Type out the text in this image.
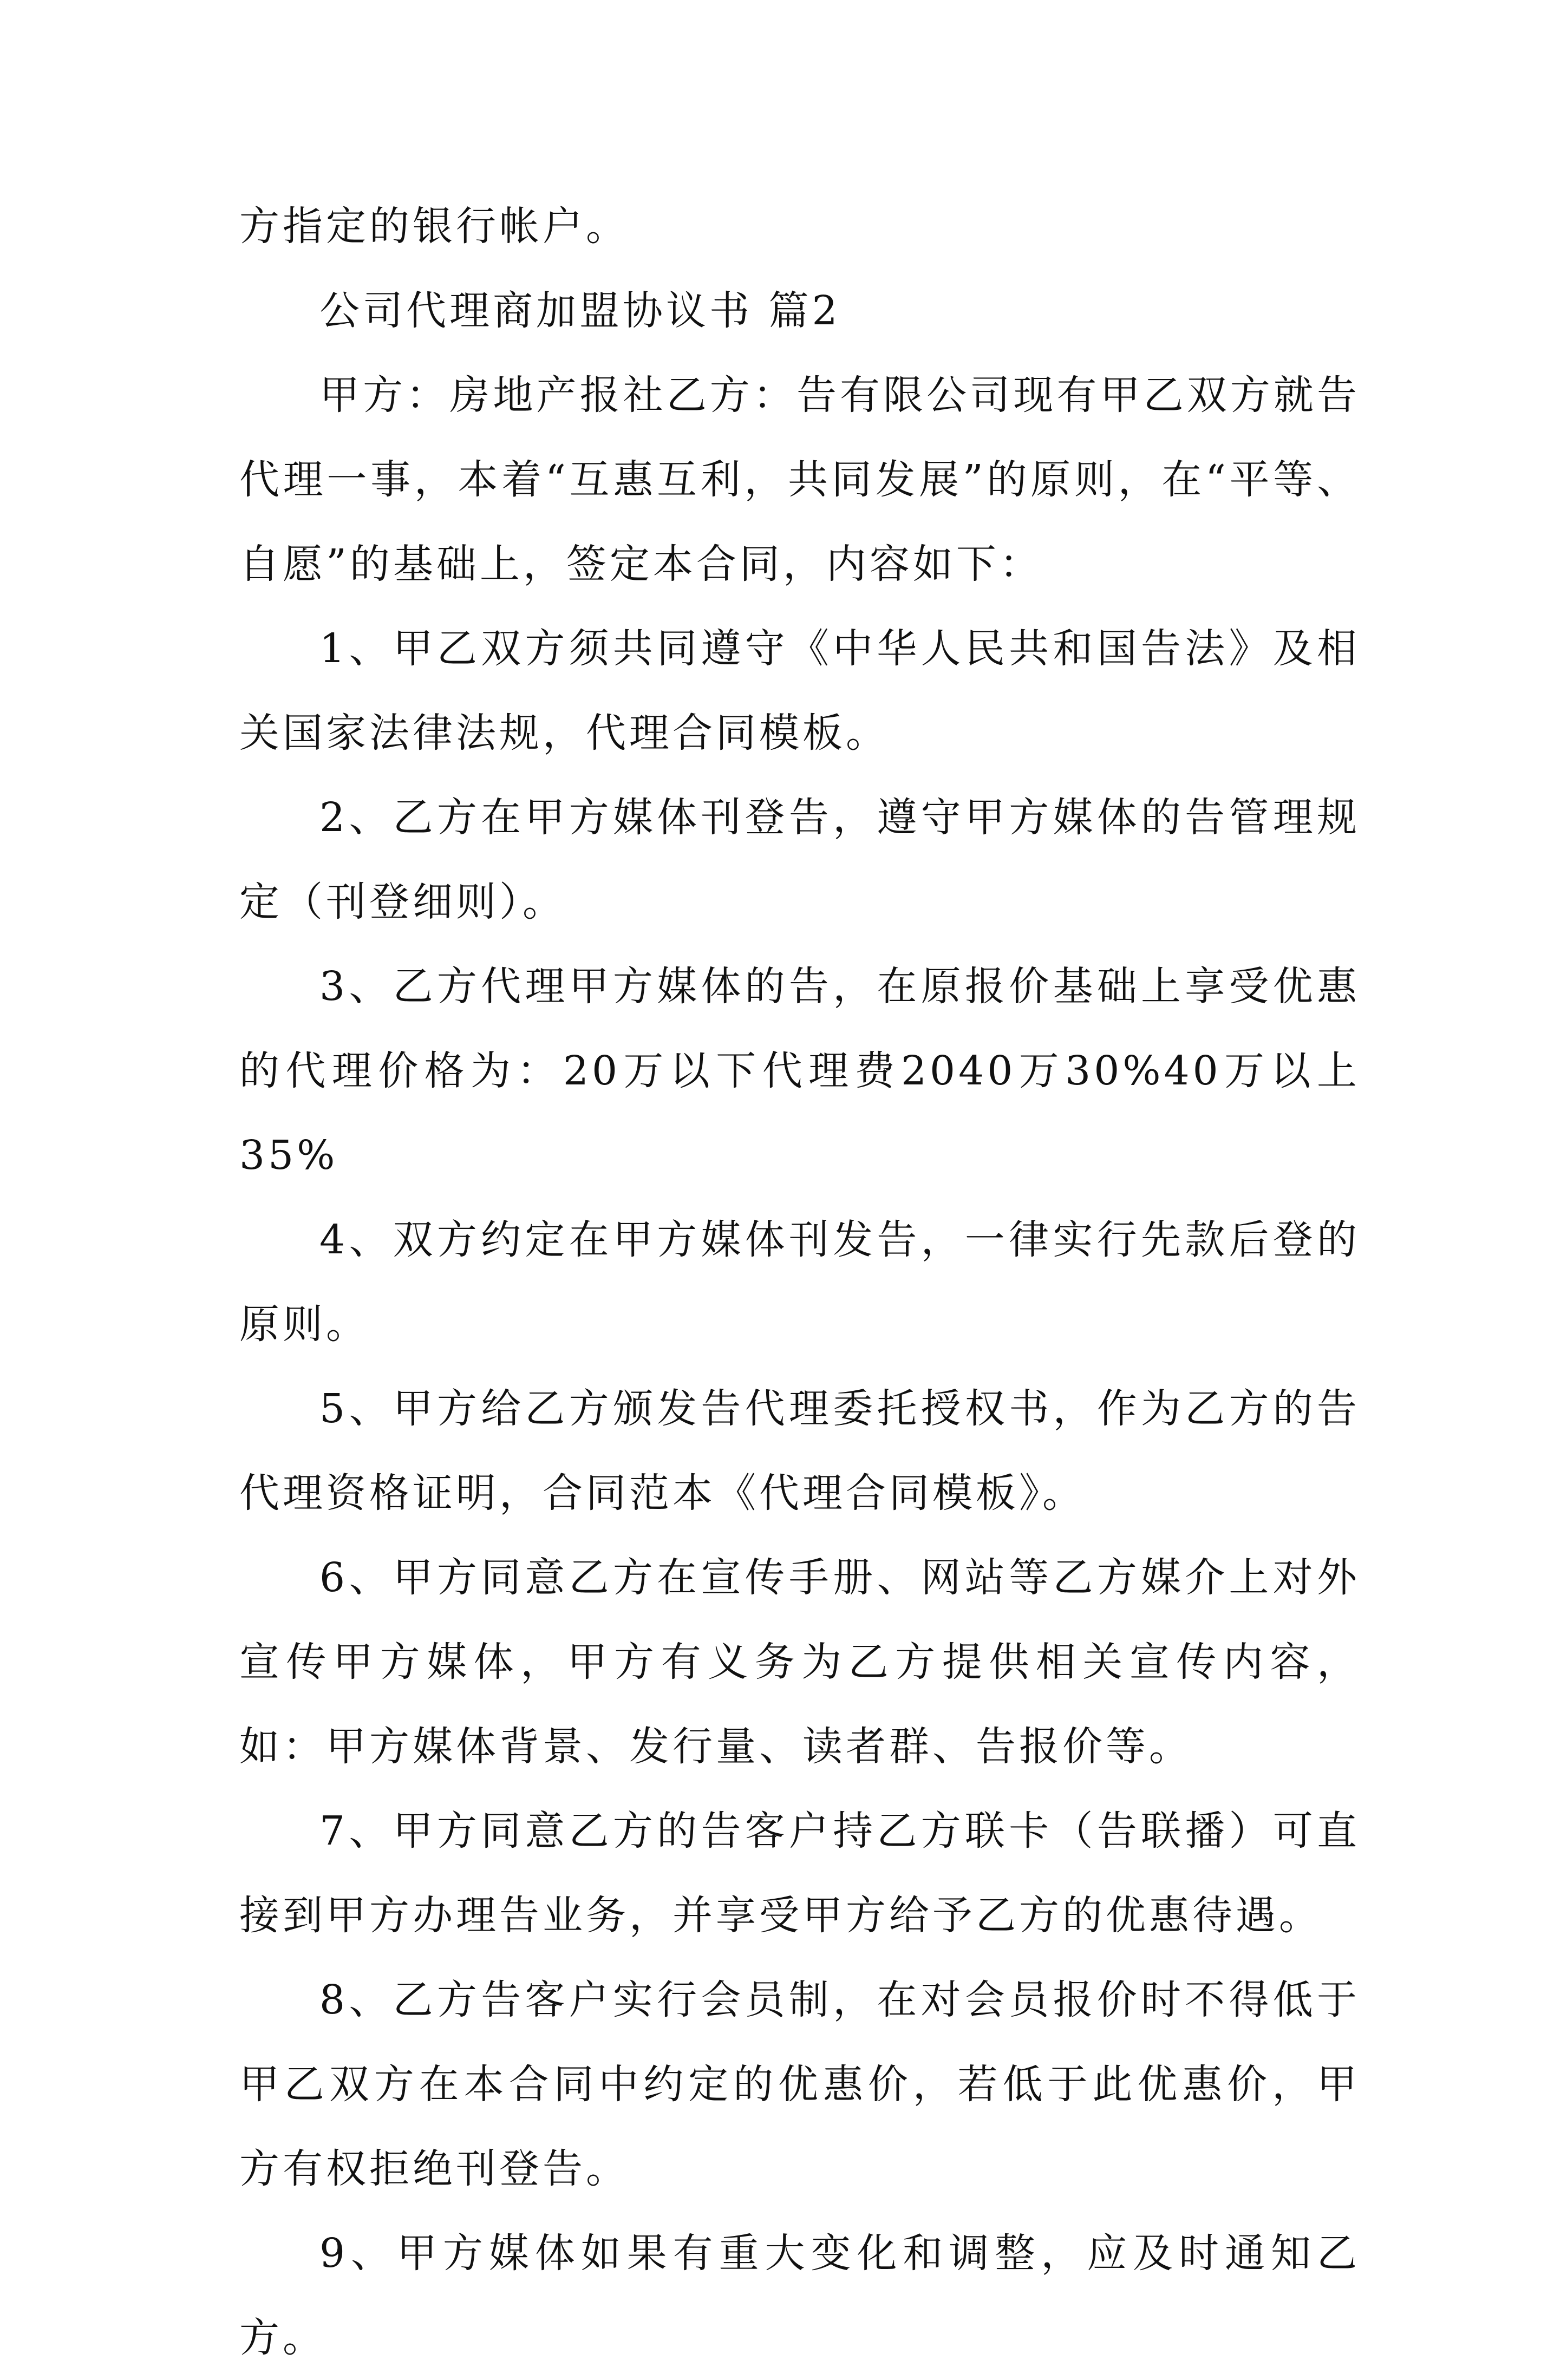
方指定的银行帐户。

公司代理商加盟协议书 篇2

甲方：房地产报社乙方：告有限公司现有甲乙双方就告代理一事，本着“互惠互利，共同发展”的原则，在“平等、自愿”的基础上，签定本合同，内容如下：

1、甲乙双方须共同遵守《中华人民共和国告法》及相关国家法律法规，代理合同模板。

2、乙方在甲方媒体刊登告，遵守甲方媒体的告管理规定（刊登细则）。

3、乙方代理甲方媒体的告，在原报价基础上享受优惠的代理价格为：20万以下代理费2040万30%40万以上35%

4、双方约定在甲方媒体刊发告，一律实行先款后登的原则。

5、甲方给乙方颁发告代理委托授权书，作为乙方的告代理资格证明，合同范本《代理合同模板》。

6、甲方同意乙方在宣传手册、网站等乙方媒介上对外宣传甲方媒体，甲方有义务为乙方提供相关宣传内容，如：甲方媒体背景、发行量、读者群、告报价等。

7、甲方同意乙方的告客户持乙方联卡（告联播）可直接到甲方办理告业务，并享受甲方给予乙方的优惠待遇。

8、乙方告客户实行会员制，在对会员报价时不得低于甲乙双方在本合同中约定的优惠价，若低于此优惠价，甲方有权拒绝刊登告。

9、甲方媒体如果有重大变化和调整，应及时通知乙方。
